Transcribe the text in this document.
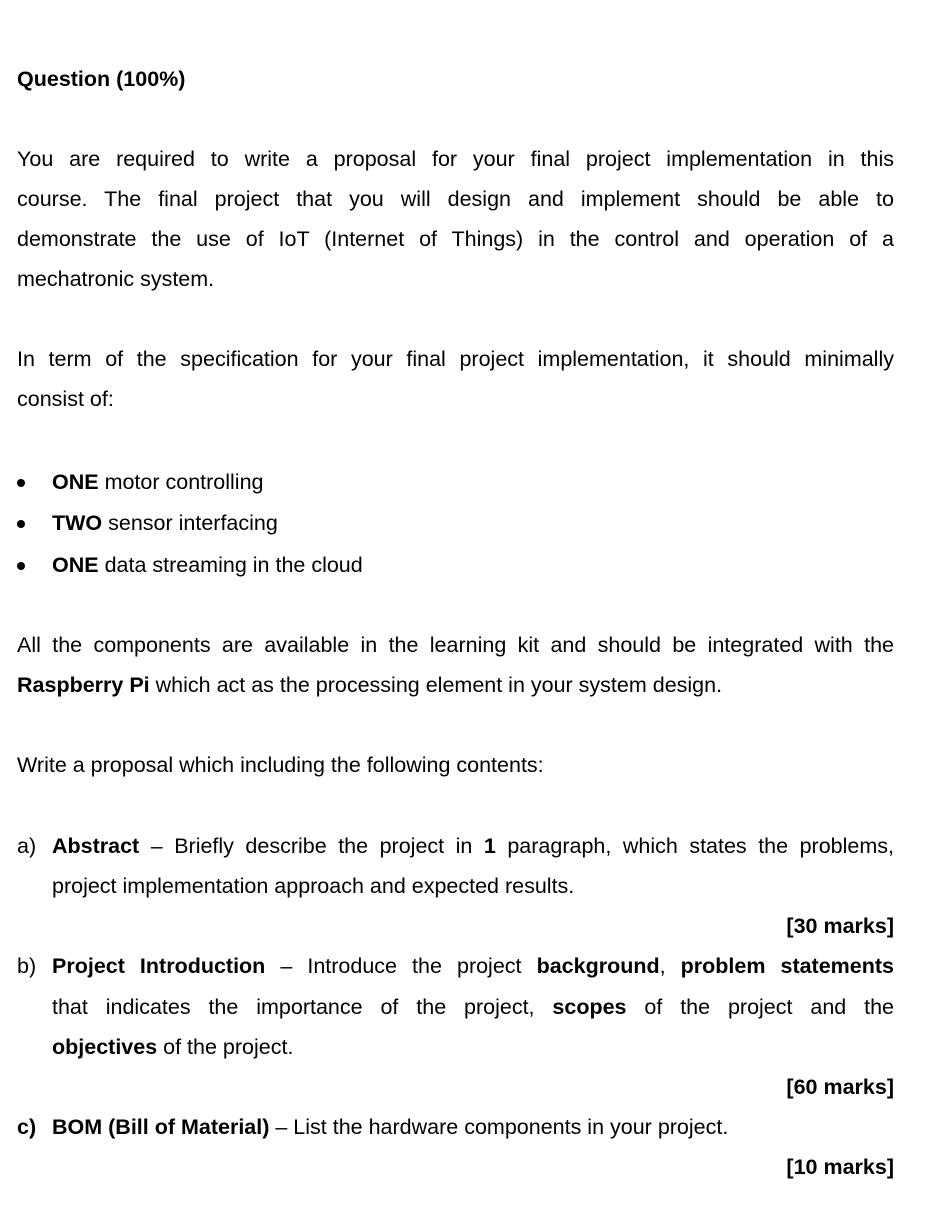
Question (100%)
You are required to write a proposal for your final project implementation in this
course. The final project that you will design and implement should be able to
demonstrate the use of IoT (Internet of Things) in the control and operation of a
mechatronic system.
In term of the specification for your final project implementation, it should minimally
consist of:
ONE motor controlling
TWO sensor interfacing
ONE data streaming in the cloud
All the components are available in the learning kit and should be integrated with the
Raspberry Pi which act as the processing element in your system design.
Write a proposal which including the following contents:
a) Abstract – Briefly describe the project in 1 paragraph, which states the problems,
project implementation approach and expected results.
[30 marks]
b) Project Introduction – Introduce the project background, problem statements
that indicates the importance of the project, scopes of the project and the
objectives of the project.
[60 marks]
c) BOM (Bill of Material) – List the hardware components in your project.
[10 marks]
